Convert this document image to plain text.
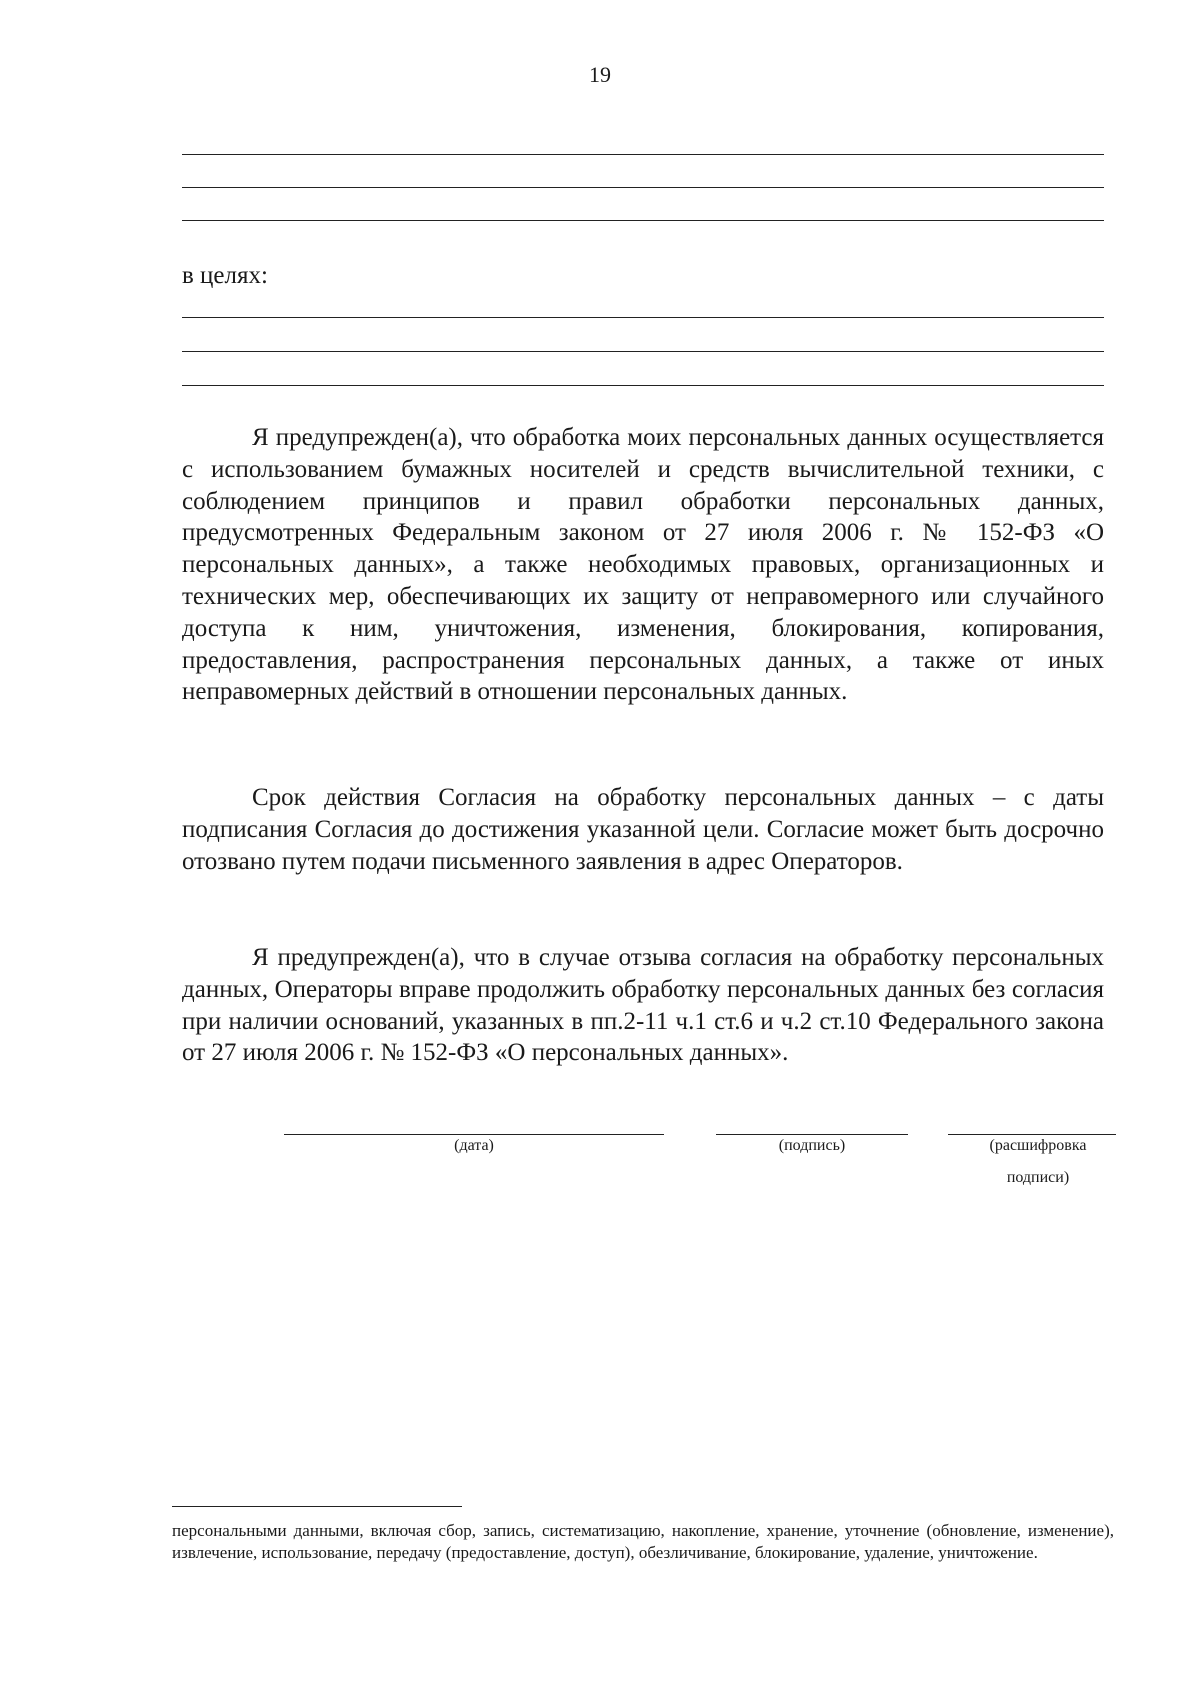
19
в целях:

Я предупрежден(а), что обработка моих персональных данных осуществляется с использованием бумажных носителей и средств вычислительной техники, с соблюдением принципов и правил обработки персональных данных, предусмотренных Федеральным законом от 27 июля 2006 г. № 152-ФЗ «О персональных данных», а также необходимых правовых, организационных и технических мер, обеспечивающих их защиту от неправомерного или случайного доступа к ним, уничтожения, изменения, блокирования, копирования, предоставления, распространения персональных данных, а также от иных неправомерных действий в отношении персональных данных.

Срок действия Согласия на обработку персональных данных – с даты подписания Согласия до достижения указанной цели. Согласие может быть досрочно отозвано путем подачи письменного заявления в адрес Операторов.

Я предупрежден(а), что в случае отзыва согласия на обработку персональных данных, Операторы вправе продолжить обработку персональных данных без согласия при наличии оснований, указанных в пп.2-11 ч.1 ст.6 и ч.2 ст.10 Федерального закона от 27 июля 2006 г. № 152-ФЗ «О персональных данных».

(дата)	(подпись)	(расшифровка
подписи)

персональными данными, включая сбор, запись, систематизацию, накопление, хранение, уточнение (обновление, изменение), извлечение, использование, передачу (предоставление, доступ), обезличивание, блокирование, удаление, уничтожение.
